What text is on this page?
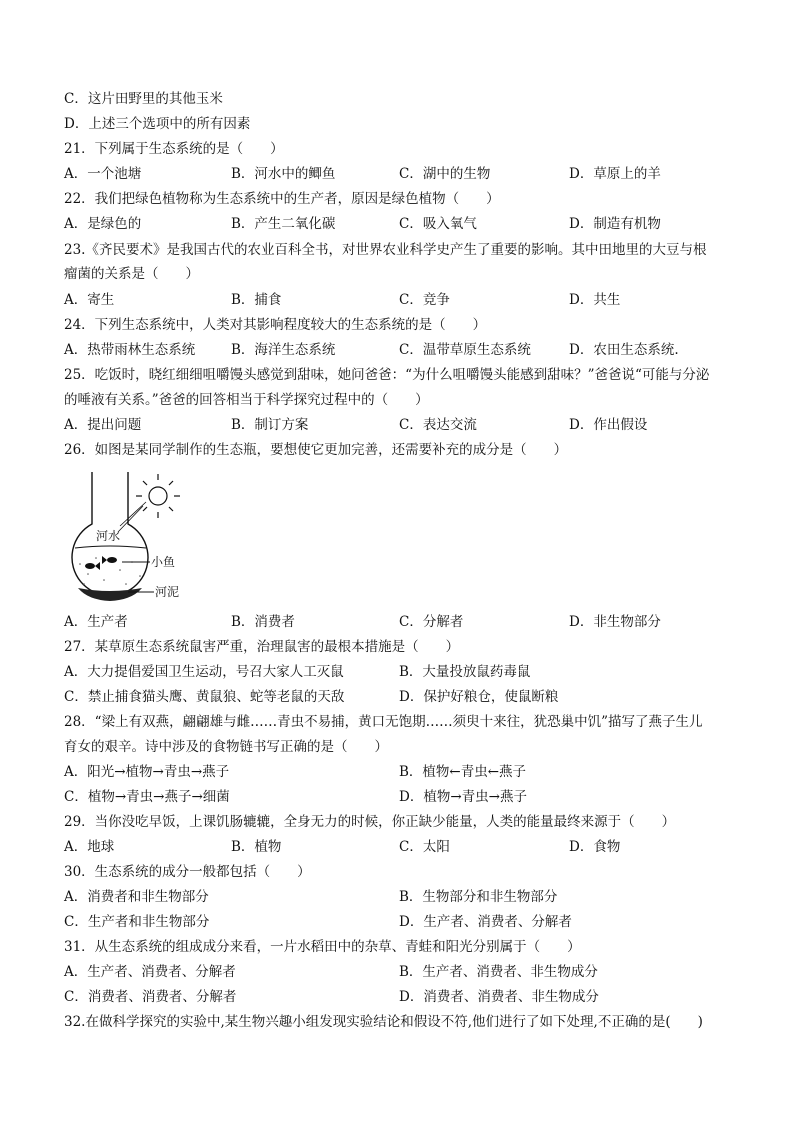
C．这片田野里的其他玉米
D．上述三个选项中的所有因素
21．下列属于生态系统的是（　　）
A．一个池塘	B．河水中的鲫鱼	C．湖中的生物	D．草原上的羊
22．我们把绿色植物称为生态系统中的生产者，原因是绿色植物（　　）
A．是绿色的	B．产生二氧化碳	C．吸入氧气	D．制造有机物
23.《齐民要术》是我国古代的农业百科全书，对世界农业科学史产生了重要的影响。其中田地里的大豆与根
瘤菌的关系是（　　）
A．寄生	B．捕食	C．竞争	D．共生
24．下列生态系统中，人类对其影响程度较大的生态系统的是（　　）
A．热带雨林生态系统	B．海洋生态系统	C．温带草原生态系统	D．农田生态系统.
25．吃饭时，晓红细细咀嚼馒头感觉到甜味，她问爸爸：“为什么咀嚼馒头能感到甜味？”爸爸说“可能与分泌
的唾液有关系。”爸爸的回答相当于科学探究过程中的（　　）
A．提出问题	B．制订方案	C．表达交流	D．作出假设
26．如图是某同学制作的生态瓶，要想使它更加完善，还需要补充的成分是（　　）
河水
小鱼
河泥
A．生产者	B．消费者	C．分解者	D．非生物部分
27．某草原生态系统鼠害严重，治理鼠害的最根本措施是（　　）
A．大力提倡爱国卫生运动，号召大家人工灭鼠	B．大量投放鼠药毒鼠
C．禁止捕食猫头鹰、黄鼠狼、蛇等老鼠的天敌	D．保护好粮仓，使鼠断粮
28．“梁上有双燕，翩翩雄与雌……青虫不易捕，黄口无饱期……须臾十来往，犹恐巢中饥”描写了燕子生儿
育女的艰辛。诗中涉及的食物链书写正确的是（　　）
A．阳光→植物→青虫→燕子	B．植物←青虫←燕子
C．植物→青虫→燕子→细菌	D．植物→青虫→燕子
29．当你没吃早饭，上课饥肠辘辘，全身无力的时候，你正缺少能量，人类的能量最终来源于（　　）
A．地球	B．植物	C．太阳	D．食物
30．生态系统的成分一般都包括（　　）
A．消费者和非生物部分	B．生物部分和非生物部分
C．生产者和非生物部分	D．生产者、消费者、分解者
31．从生态系统的组成成分来看，一片水稻田中的杂草、青蛙和阳光分别属于（　　）
A．生产者、消费者、分解者	B．生产者、消费者、非生物成分
C．消费者、消费者、分解者	D．消费者、消费者、非生物成分
32.在做科学探究的实验中,某生物兴趣小组发现实验结论和假设不符,他们进行了如下处理,不正确的是(　　)
